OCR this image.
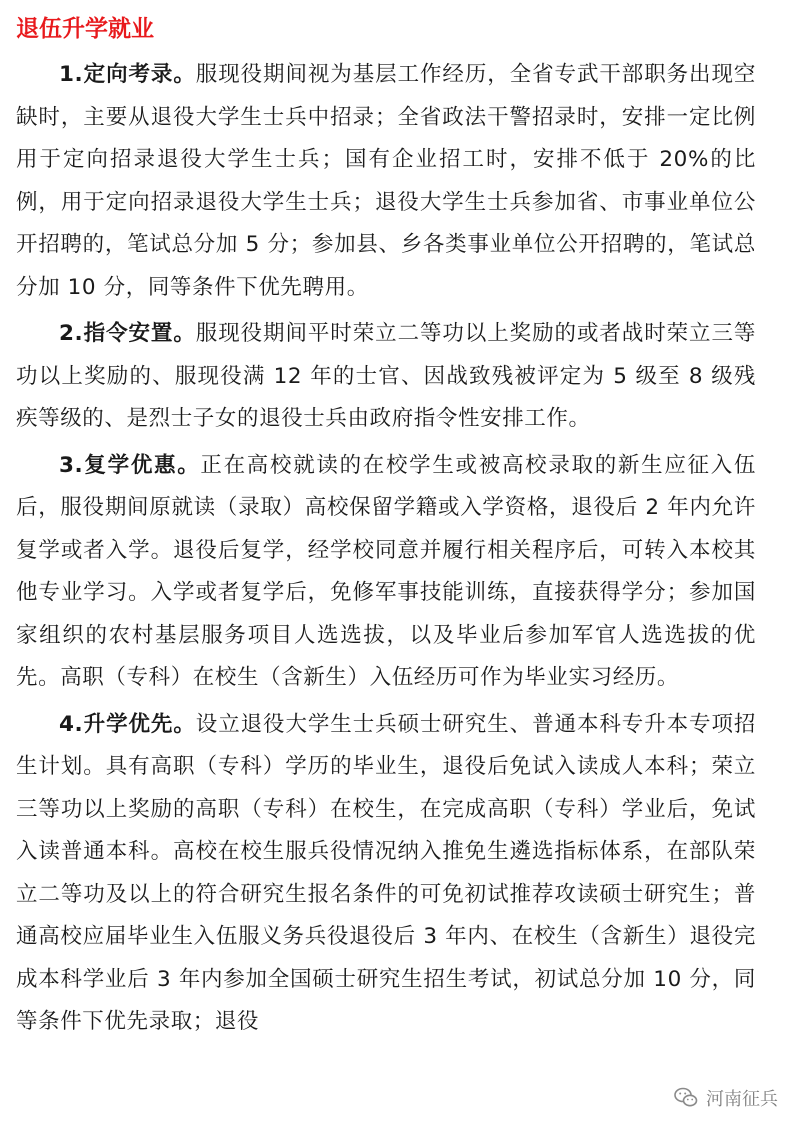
退伍升学就业

1.定向考录。服现役期间视为基层工作经历，全省专武干部职务出现空缺时，主要从退役大学生士兵中招录；全省政法干警招录时，安排一定比例用于定向招录退役大学生士兵；国有企业招工时，安排不低于 20%的比例，用于定向招录退役大学生士兵；退役大学生士兵参加省、市事业单位公开招聘的，笔试总分加 5 分；参加县、乡各类事业单位公开招聘的，笔试总分加 10 分，同等条件下优先聘用。

2.指令安置。服现役期间平时荣立二等功以上奖励的或者战时荣立三等功以上奖励的、服现役满 12 年的士官、因战致残被评定为 5 级至 8 级残疾等级的、是烈士子女的退役士兵由政府指令性安排工作。

3.复学优惠。正在高校就读的在校学生或被高校录取的新生应征入伍后，服役期间原就读（录取）高校保留学籍或入学资格，退役后 2 年内允许复学或者入学。退役后复学，经学校同意并履行相关程序后，可转入本校其他专业学习。入学或者复学后，免修军事技能训练，直接获得学分；参加国家组织的农村基层服务项目人选选拔，以及毕业后参加军官人选选拔的优先。高职（专科）在校生（含新生）入伍经历可作为毕业实习经历。

4.升学优先。设立退役大学生士兵硕士研究生、普通本科专升本专项招生计划。具有高职（专科）学历的毕业生，退役后免试入读成人本科；荣立三等功以上奖励的高职（专科）在校生，在完成高职（专科）学业后，免试入读普通本科。高校在校生服兵役情况纳入推免生遴选指标体系，在部队荣立二等功及以上的符合研究生报名条件的可免初试推荐攻读硕士研究生；普通高校应届毕业生入伍服义务兵役退役后 3 年内、在校生（含新生）退役完成本科学业后 3 年内参加全国硕士研究生招生考试，初试总分加 10 分，同等条件下优先录取；退役

河南征兵
